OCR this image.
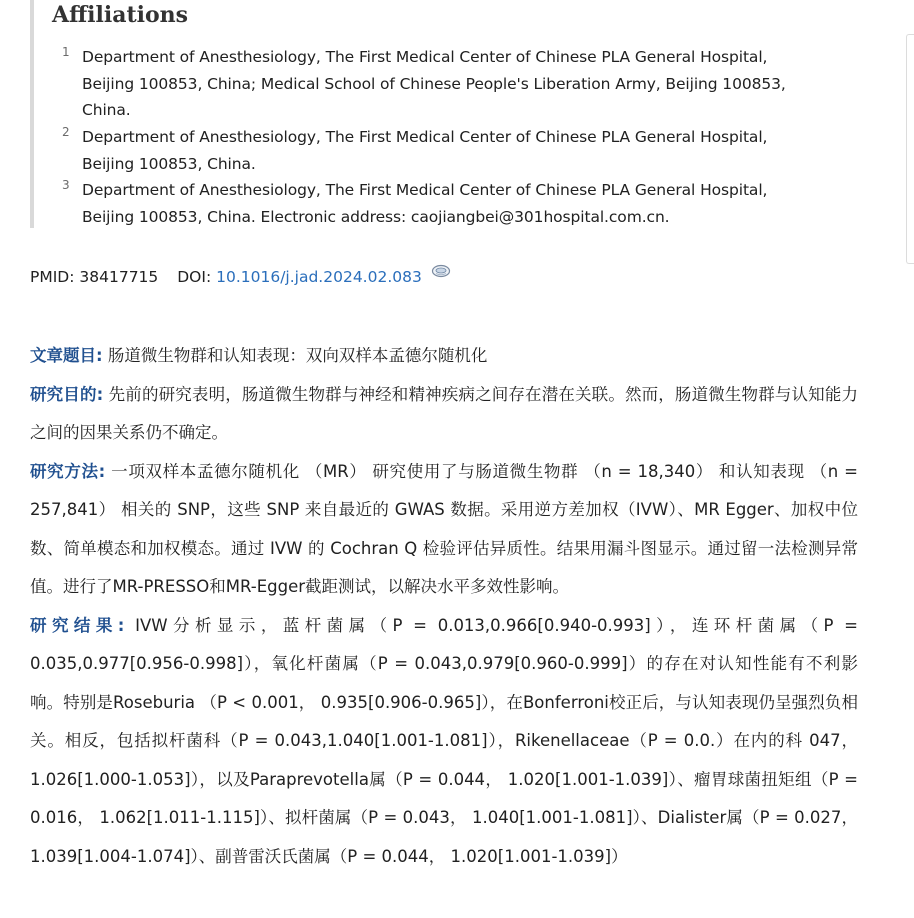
Affiliations
1 Department of Anesthesiology, The First Medical Center of Chinese PLA General Hospital, Beijing 100853, China; Medical School of Chinese People's Liberation Army, Beijing 100853, China.
2 Department of Anesthesiology, The First Medical Center of Chinese PLA General Hospital, Beijing 100853, China.
3 Department of Anesthesiology, The First Medical Center of Chinese PLA General Hospital, Beijing 100853, China. Electronic address: caojiangbei@301hospital.com.cn.
PMID: 38417715 DOI: 10.1016/j.jad.2024.02.083

文章题目: 肠道微生物群和认知表现：双向双样本孟德尔随机化

研究目的: 先前的研究表明，肠道微生物群与神经和精神疾病之间存在潜在关联。然而，肠道微生物群与认知能力之间的因果关系仍不确定。

研究方法: 一项双样本孟德尔随机化 （MR） 研究使用了与肠道微生物群 （n = 18,340） 和认知表现 （n = 257,841） 相关的 SNP，这些 SNP 来自最近的 GWAS 数据。采用逆方差加权（IVW）、MR Egger、加权中位数、简单模态和加权模态。通过 IVW 的 Cochran Q 检验评估异质性。结果用漏斗图显示。通过留一法检测异常值。进行了MR-PRESSO和MR-Egger截距测试，以解决水平多效性影响。

研究结果: IVW分析显示，蓝杆菌属（P = 0.013,0.966[0.940-0.993]），连环杆菌属（P = 0.035,0.977[0.956-0.998]），氧化杆菌属（P = 0.043,0.979[0.960-0.999]）的存在对认知性能有不利影响。特别是Roseburia （P < 0.001， 0.935[0.906-0.965]），在Bonferroni校正后，与认知表现仍呈强烈负相关。相反，包括拟杆菌科（P = 0.043,1.040[1.001-1.081]），Rikenellaceae（P = 0.0.）在内的科 047， 1.026[1.000-1.053]），以及Paraprevotella属（P = 0.044， 1.020[1.001-1.039]）、瘤胃球菌扭矩组（P = 0.016， 1.062[1.011-1.115]）、拟杆菌属（P = 0.043， 1.040[1.001-1.081]）、Dialister属（P = 0.027， 1.039[1.004-1.074]）、副普雷沃氏菌属（P = 0.044， 1.020[1.001-1.039]）
